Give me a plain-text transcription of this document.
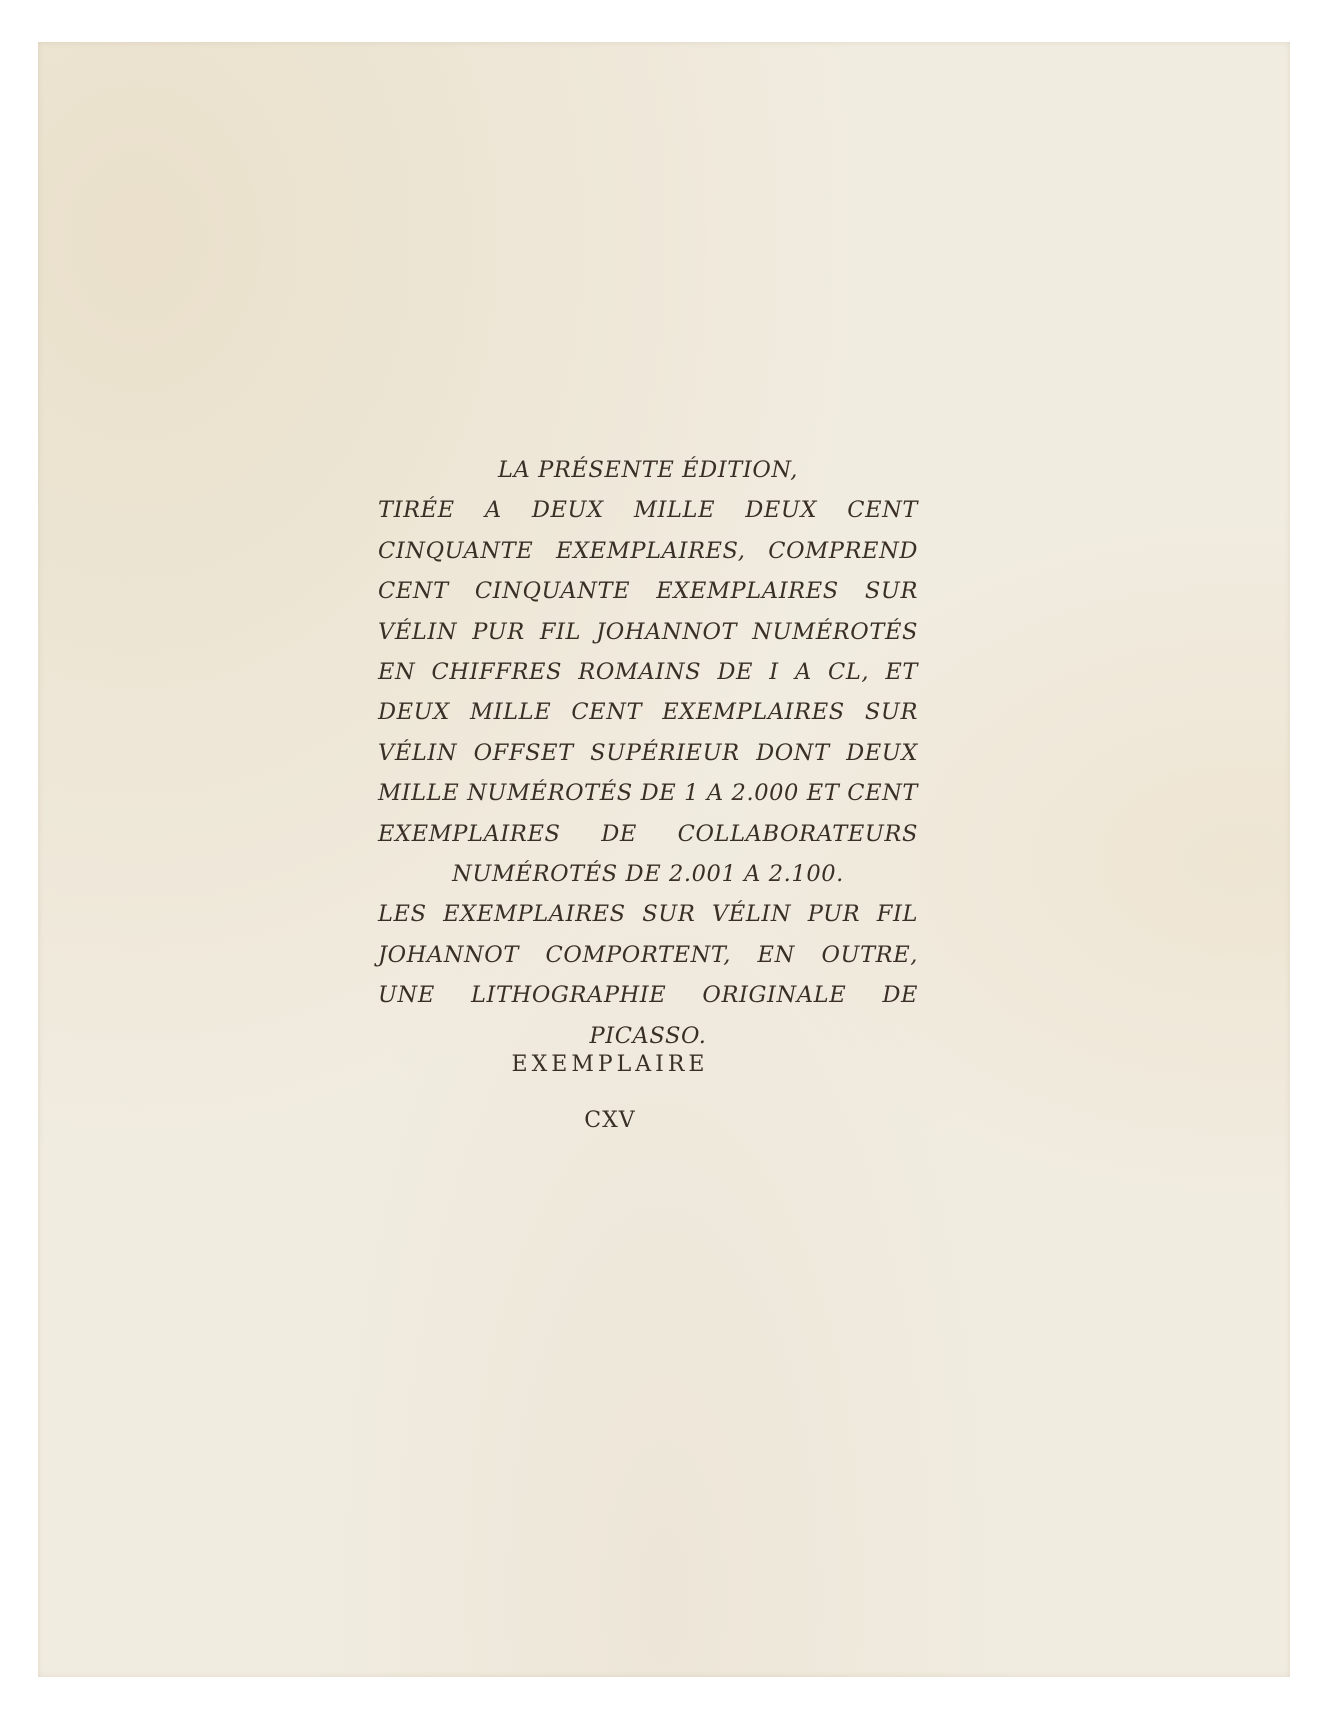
LA PRÉSENTE ÉDITION,
TIRÉE A DEUX MILLE DEUX CENT
CINQUANTE EXEMPLAIRES, COMPREND
CENT CINQUANTE EXEMPLAIRES SUR
VÉLIN PUR FIL JOHANNOT NUMÉROTÉS
EN CHIFFRES ROMAINS DE I A CL, ET
DEUX MILLE CENT EXEMPLAIRES SUR
VÉLIN OFFSET SUPÉRIEUR DONT DEUX
MILLE NUMÉROTÉS DE 1 A 2.000 ET CENT
EXEMPLAIRES DE COLLABORATEURS
NUMÉROTÉS DE 2.001 A 2.100.
LES EXEMPLAIRES SUR VÉLIN PUR FIL
JOHANNOT COMPORTENT, EN OUTRE,
UNE LITHOGRAPHIE ORIGINALE DE
PICASSO.
EXEMPLAIRE
CXV
